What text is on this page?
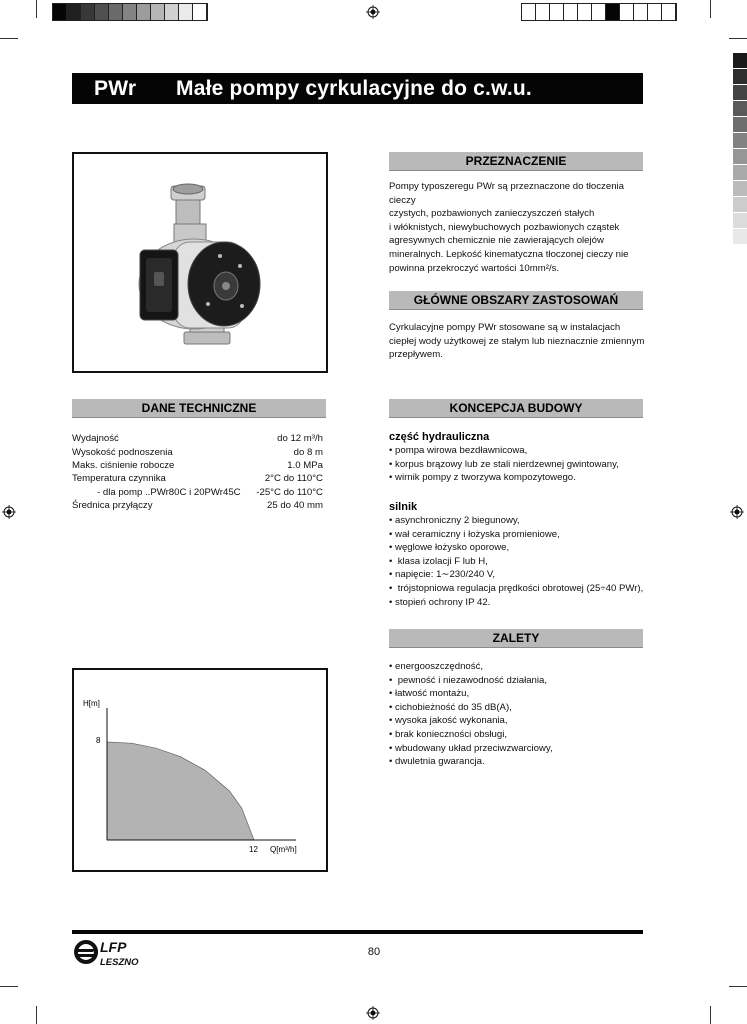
PWr Małe pompy cyrkulacyjne do c.w.u. jednofazowe
PRZEZNACZENIE
Pompy typoszeregu PWr są przeznaczone do tłoczenia cieczy
czystych, pozbawionych zanieczyszczeń stałych
i włóknistych, niewybuchowych pozbawionych cząstek
agresywnych chemicznie nie zawierających olejów
mineralnych. Lepkość kinematyczna tłoczonej cieczy nie
powinna przekroczyć wartości 10mm²/s.
GŁÓWNE OBSZARY ZASTOSOWAŃ
Cyrkulacyjne pompy PWr stosowane są w instalacjach
ciepłej wody użytkowej ze stałym lub nieznacznie zmiennym
przepływem.
DANE TECHNICZNE
Wydajność	do 12 m³/h
Wysokość podnoszenia	do 8 m
Maks. ciśnienie robocze	1.0 MPa
Temperatura czynnika	2°C do 110°C
- dla pomp ..PWr80C i 20PWr45C -25°C do 110°C
Średnica przyłączy	25 do 40 mm
KONCEPCJA BUDOWY
część hydrauliczna
• pompa wirowa bezdławnicowa,
• korpus brązowy lub ze stali nierdzewnej gwintowany,
• wirnik pompy z tworzywa kompozytowego.
silnik
• asynchroniczny 2 biegunowy,
• wał ceramiczny i łożyska promieniowe,
• węglowe łożysko oporowe,
•  klasa izolacji F lub H,
• napięcie: 1∼230/240 V,
•  trójstopniowa regulacja prędkości obrotowej (25÷40 PWr),
• stopień ochrony IP 42.
ZALETY
• energooszczędność,
•  pewność i niezawodność działania,
• łatwość montażu,
• cichobieżność do 35 dB(A),
• wysoka jakość wykonania,
• brak konieczności obsługi,
• wbudowany układ przeciwzwarciowy,
• dwuletnia gwarancja.
H[m]
8
12 Q[m³/h]
LFP
LESZNO
80
